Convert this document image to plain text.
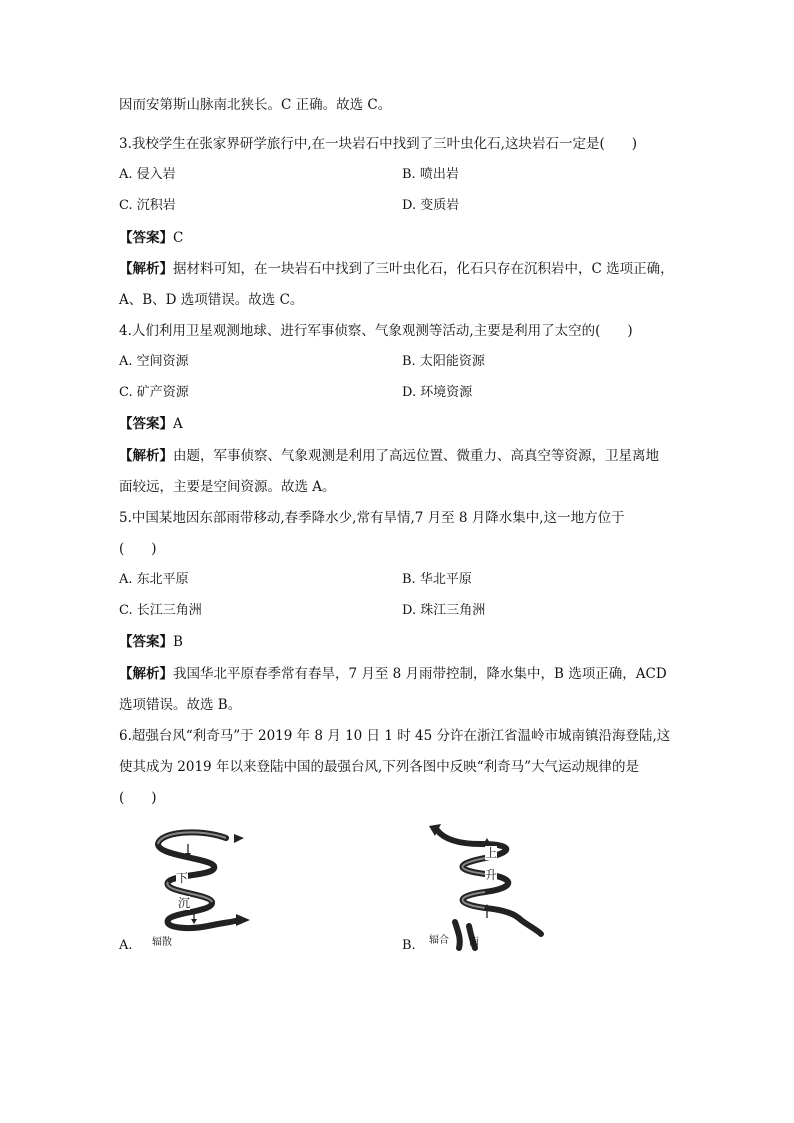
因而安第斯山脉南北狭长。C 正确。故选 C。
3.我校学生在张家界研学旅行中,在一块岩石中找到了三叶虫化石,这块岩石一定是(　　)
A. 侵入岩	B. 喷出岩
C. 沉积岩	D. 变质岩
【答案】C
【解析】据材料可知，在一块岩石中找到了三叶虫化石，化石只存在沉积岩中，C 选项正确，
A、B、D 选项错误。故选 C。
4.人们利用卫星观测地球、进行军事侦察、气象观测等活动,主要是利用了太空的(　　)
A. 空间资源	B. 太阳能资源
C. 矿产资源	D. 环境资源
【答案】A
【解析】由题，军事侦察、气象观测是利用了高远位置、微重力、高真空等资源，卫星离地
面较远，主要是空间资源。故选 A。
5.中国某地因东部雨带移动,春季降水少,常有旱情,7 月至 8 月降水集中,这一地方位于
(　　)
A. 东北平原	B. 华北平原
C. 长江三角洲	D. 珠江三角洲
【答案】B
【解析】我国华北平原春季常有春旱，7 月至 8 月雨带控制，降水集中，B 选项正确，ACD
选项错误。故选 B。
6.超强台风“利奇马”于 2019 年 8 月 10 日 1 时 45 分许在浙江省温岭市城南镇沿海登陆,这
使其成为 2019 年以来登陆中国的最强台风,下列各图中反映“利奇马”大气运动规律的是
(　　)
下
沉
辐散
A.
上
升
辐合 雨
B.
